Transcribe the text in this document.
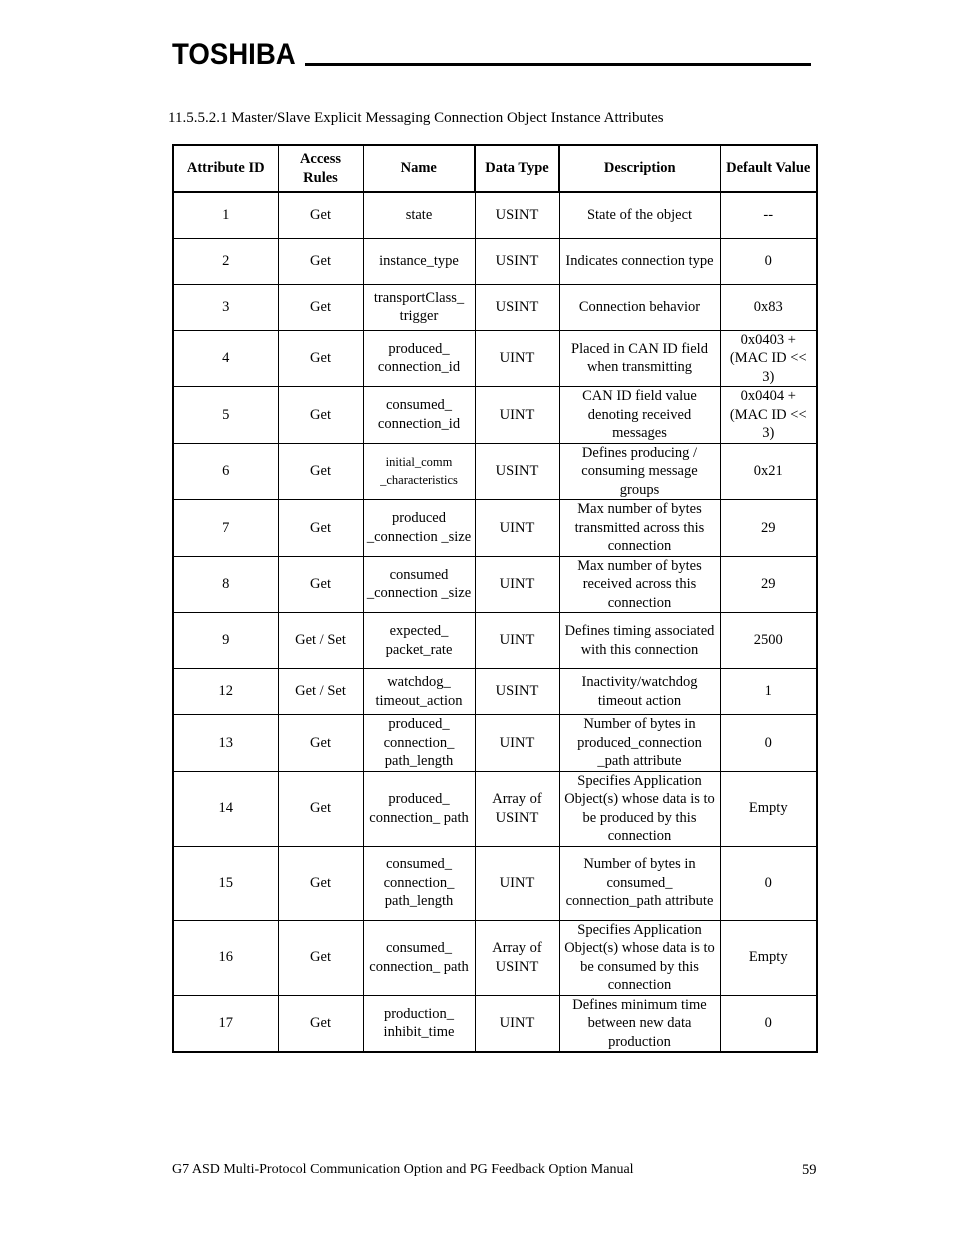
TOSHIBA
11.5.5.2.1 Master/Slave Explicit Messaging Connection Object Instance Attributes
Attribute ID	Access Rules	Name	Data Type	Description	Default Value
1	Get	state	USINT	State of the object	--
2	Get	instance_type	USINT	Indicates connection type	0
3	Get	transportClass_ trigger	USINT	Connection behavior	0x83
4	Get	produced_ connection_id	UINT	Placed in CAN ID field when transmitting	0x0403 + (MAC ID << 3)
5	Get	consumed_ connection_id	UINT	CAN ID field value denoting received messages	0x0404 + (MAC ID << 3)
6	Get	initial_comm _characteristics	USINT	Defines producing / consuming message groups	0x21
7	Get	produced _connection _size	UINT	Max number of bytes transmitted across this connection	29
8	Get	consumed _connection _size	UINT	Max number of bytes received across this connection	29
9	Get / Set	expected_ packet_rate	UINT	Defines timing associated with this connection	2500
12	Get / Set	watchdog_ timeout_action	USINT	Inactivity/watchdog timeout action	1
13	Get	produced_ connection_ path_length	UINT	Number of bytes in produced_connection _path attribute	0
14	Get	produced_ connection_ path	Array of USINT	Specifies Application Object(s) whose data is to be produced by this connection	Empty
15	Get	consumed_ connection_ path_length	UINT	Number of bytes in consumed_ connection_path attribute	0
16	Get	consumed_ connection_ path	Array of USINT	Specifies Application Object(s) whose data is to be consumed by this connection	Empty
17	Get	production_ inhibit_time	UINT	Defines minimum time between new data production	0
G7 ASD Multi-Protocol Communication Option and PG Feedback Option Manual	59
